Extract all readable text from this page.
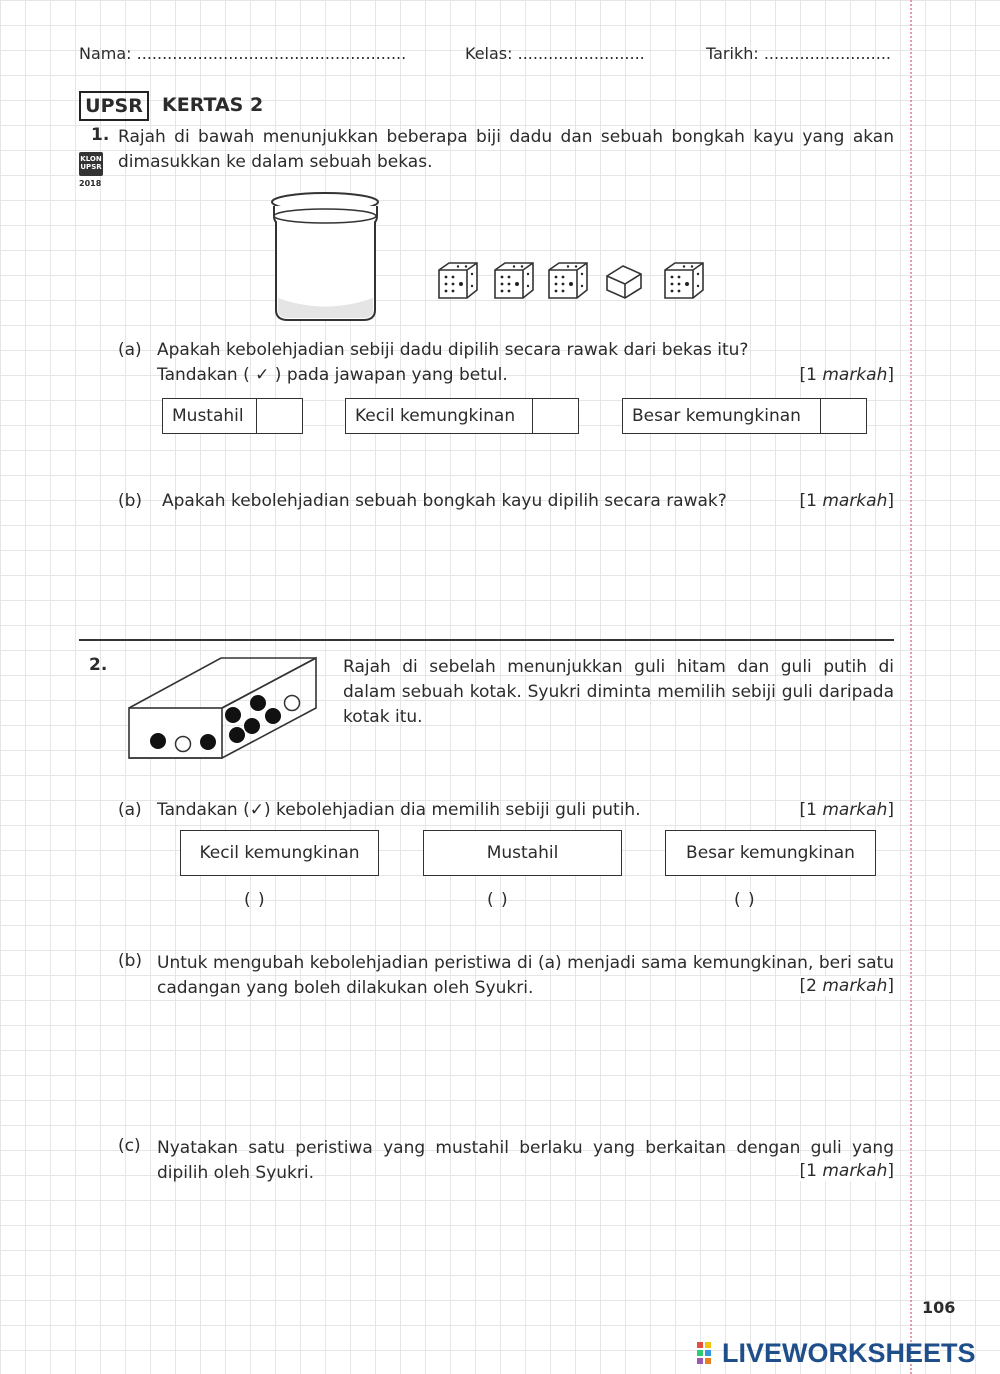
Nama: .....................................................	Kelas: .........................	Tarikh: .........................
UPSR	KERTAS 2
1.
KLON UPSR
2018
Rajah di bawah menunjukkan beberapa biji dadu dan sebuah bongkah kayu yang akan dimasukkan ke dalam sebuah bekas.
(a) Apakah kebolehjadian sebiji dadu dipilih secara rawak dari bekas itu?
Tandakan ( ✓ ) pada jawapan yang betul.	[1 markah]
Mustahil	Kecil kemungkinan	Besar kemungkinan
(b) Apakah kebolehjadian sebuah bongkah kayu dipilih secara rawak?	[1 markah]
2.	Rajah di sebelah menunjukkan guli hitam dan guli putih di dalam sebuah kotak. Syukri diminta memilih sebiji guli daripada kotak itu.
(a) Tandakan (✓) kebolehjadian dia memilih sebiji guli putih.	[1 markah]
Kecil kemungkinan	Mustahil	Besar kemungkinan
( )	( )	( )
(b) Untuk mengubah kebolehjadian peristiwa di (a) menjadi sama kemungkinan, beri satu cadangan yang boleh dilakukan oleh Syukri.	[2 markah]
(c) Nyatakan satu peristiwa yang mustahil berlaku yang berkaitan dengan guli yang dipilih oleh Syukri.	[1 markah]
106
LIVEWORKSHEETS
